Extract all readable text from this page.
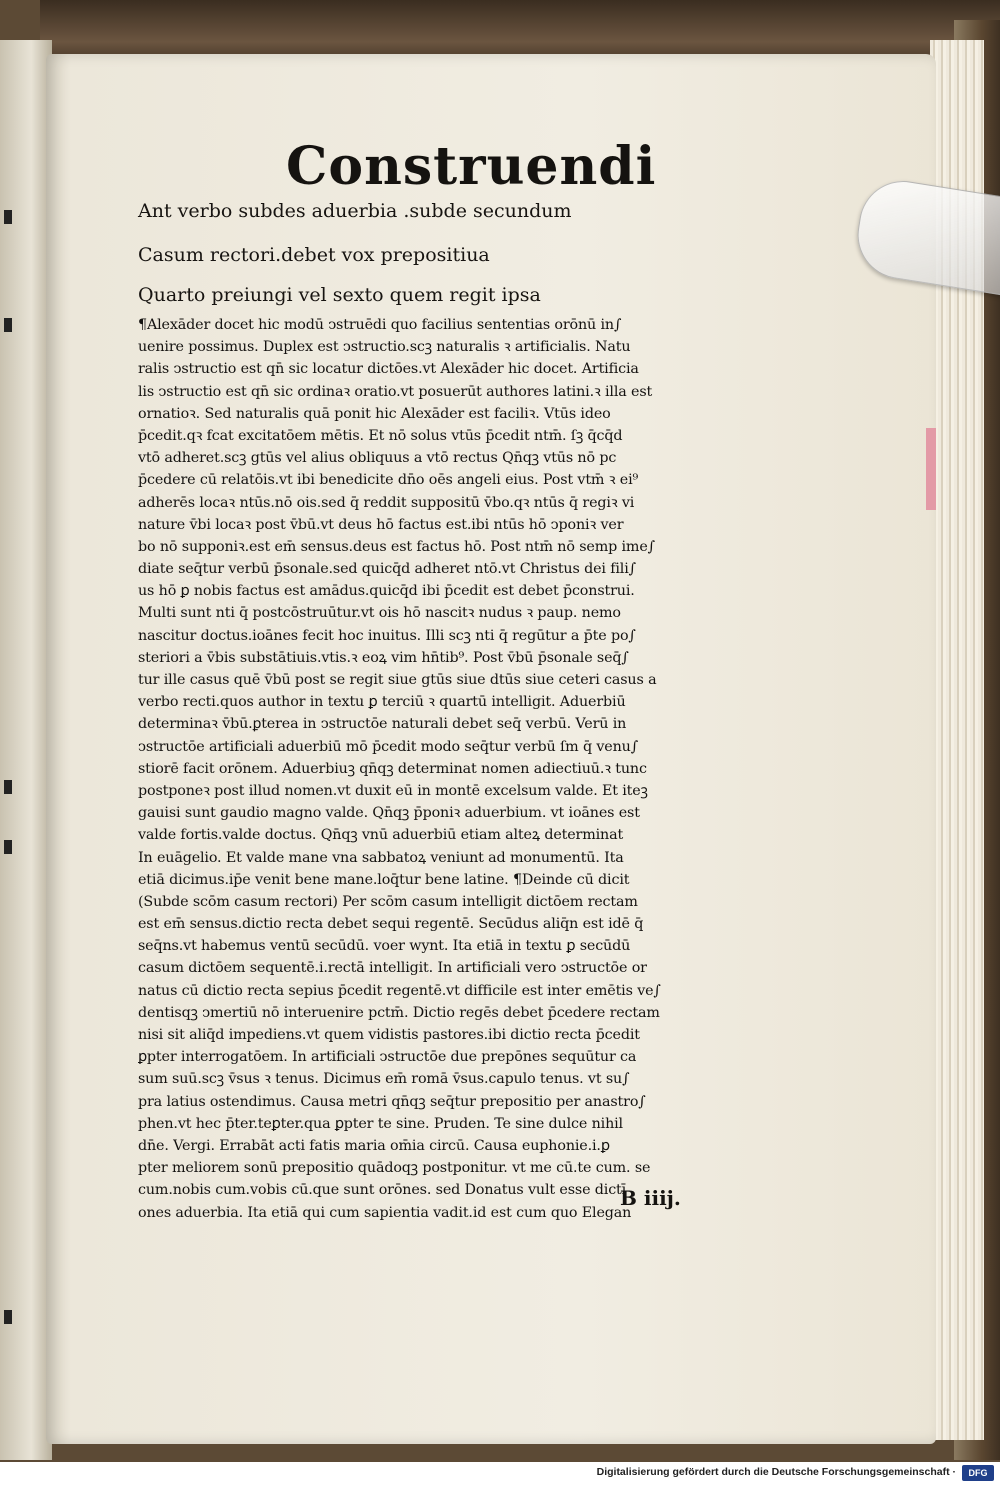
Construendi
Ant verbo subdes aduerbia .subde secundum
Casum rectori.debet vox prepositiua
Quarto preiungi vel sexto quem regit ipsa
¶Alexāder docet hic modū ↄstruēdi quo facilius sententias orōnū in∫
uenire possimus. Duplex est ↄstructio.scꝫ naturalis ꝛ artificialis. Natu
ralis ↄstructio est qn̄ sic locatur dictōes.vt Alexāder hic docet. Artificia
lis ↄstructio est qn̄ sic ordinaꝛ oratio.vt posuerūt authores latini.ꝛ illa est
ornatioꝛ. Sed naturalis quā ponit hic Alexāder est faciliꝛ. Vtūs ideo
p̄cedit.qꝛ fcat excitatōem mētis. Et nō solus vtūs p̄cedit ntm̄. ſꝫ q̄cq̄d
vtō adheret.scꝫ gtūs vel alius obliquus a vtō rectus Qn̄qꝫ vtūs nō pc
p̄cedere cū relatōis.vt ibi benedicite dn̄o oēs angeli eius. Post vtm̄ ꝛ ei⁹
adherēs locaꝛ ntūs.nō ois.sed q̄ reddit suppositū v̄bo.qꝛ ntūs q̄ regiꝛ vi
nature v̄bi locaꝛ post v̄bū.vt deus hō factus est.ibi ntūs hō ↄponiꝛ ver
bo nō supponiꝛ.est em̄ sensus.deus est factus hō. Post ntm̄ nō semp ime∫
diate seq̄tur verbū p̄sonale.sed quicq̄d adheret ntō.vt Christus dei fili∫
us hō ꝑ nobis factus est amādus.quicq̄d ibi p̄cedit est debet p̄construi.
Multi sunt nti q̄ postcōstruūtur.vt ois hō nascitꝛ nudus ꝛ paup. nemo
nascitur doctus.ioānes fecit hoc inuitus. Illi scꝫ nti q̄ regūtur a p̄te po∫
steriori a v̄bis substātiuis.vtis.ꝛ eoꝝ vim hn̄tib⁹. Post v̄bū p̄sonale seq̄∫
tur ille casus quē v̄bū post se regit siue gtūs siue dtūs siue ceteri casus a
verbo recti.quos author in textu ꝑ terciū ꝛ quartū intelligit. Aduerbiū
determinaꝛ v̄bū.ꝑterea in ↄstructōe naturali debet seq̄ verbū. Verū in
ↄstructōe artificiali aduerbiū mō p̄cedit modo seq̄tur verbū ſm q̄ venu∫
stiorē facit orōnem. Aduerbiuꝫ qn̄qꝫ determinat nomen adiectiuū.ꝛ tunc
postponeꝛ post illud nomen.vt duxit eū in montē excelsum valde. Et iteꝫ
gauisi sunt gaudio magno valde. Qn̄qꝫ p̄poniꝛ aduerbium. vt ioānes est
valde fortis.valde doctus. Qn̄qꝫ vnū aduerbiū etiam alteꝝ determinat
In euāgelio. Et valde mane vna sabbatoꝝ veniunt ad monumentū. Ita
etiā dicimus.ip̄e venit bene mane.loq̄tur bene latine. ¶Deinde cū dicit
(Subde scōm casum rectori) Per scōm casum intelligit dictōem rectam
est em̄ sensus.dictio recta debet sequi regentē. Secūdus aliq̄n est idē q̄
seq̄ns.vt habemus ventū secūdū. voer wynt. Ita etiā in textu ꝑ secūdū
casum dictōem sequentē.i.rectā intelligit. In artificiali vero ↄstructōe or
natus cū dictio recta sepius p̄cedit regentē.vt difficile est inter emētis ve∫
dentisqꝫ ↄmertiū nō interuenire pctm̄. Dictio regēs debet p̄cedere rectam
nisi sit aliq̄d impediens.vt quem vidistis pastores.ibi dictio recta p̄cedit
ꝑpter interrogatōem. In artificiali ↄstructōe due prepōnes sequūtur ca
sum suū.scꝫ v̄sus ꝛ tenus. Dicimus em̄ romā v̄sus.capulo tenus. vt su∫
pra latius ostendimus. Causa metri qn̄qꝫ seq̄tur prepositio per anastro∫
phen.vt hec p̄ter.teꝑter.qua ꝑpter te sine. Pruden. Te sine dulce nihil
dn̄e. Vergi. Errabāt acti fatis maria om̄ia circū. Causa euphonie.i.ꝑ
pter meliorem sonū prepositio quādoqꝫ postponitur. vt me cū.te cum. se
cum.nobis cum.vobis cū.que sunt orōnes. sed Donatus vult esse dictī
ones aduerbia. Ita etiā qui cum sapientia vadit.id est cum quo Elegan
B iiij.
Digitalisierung gefördert durch die Deutsche Forschungsgemeinschaft ·	DFG
